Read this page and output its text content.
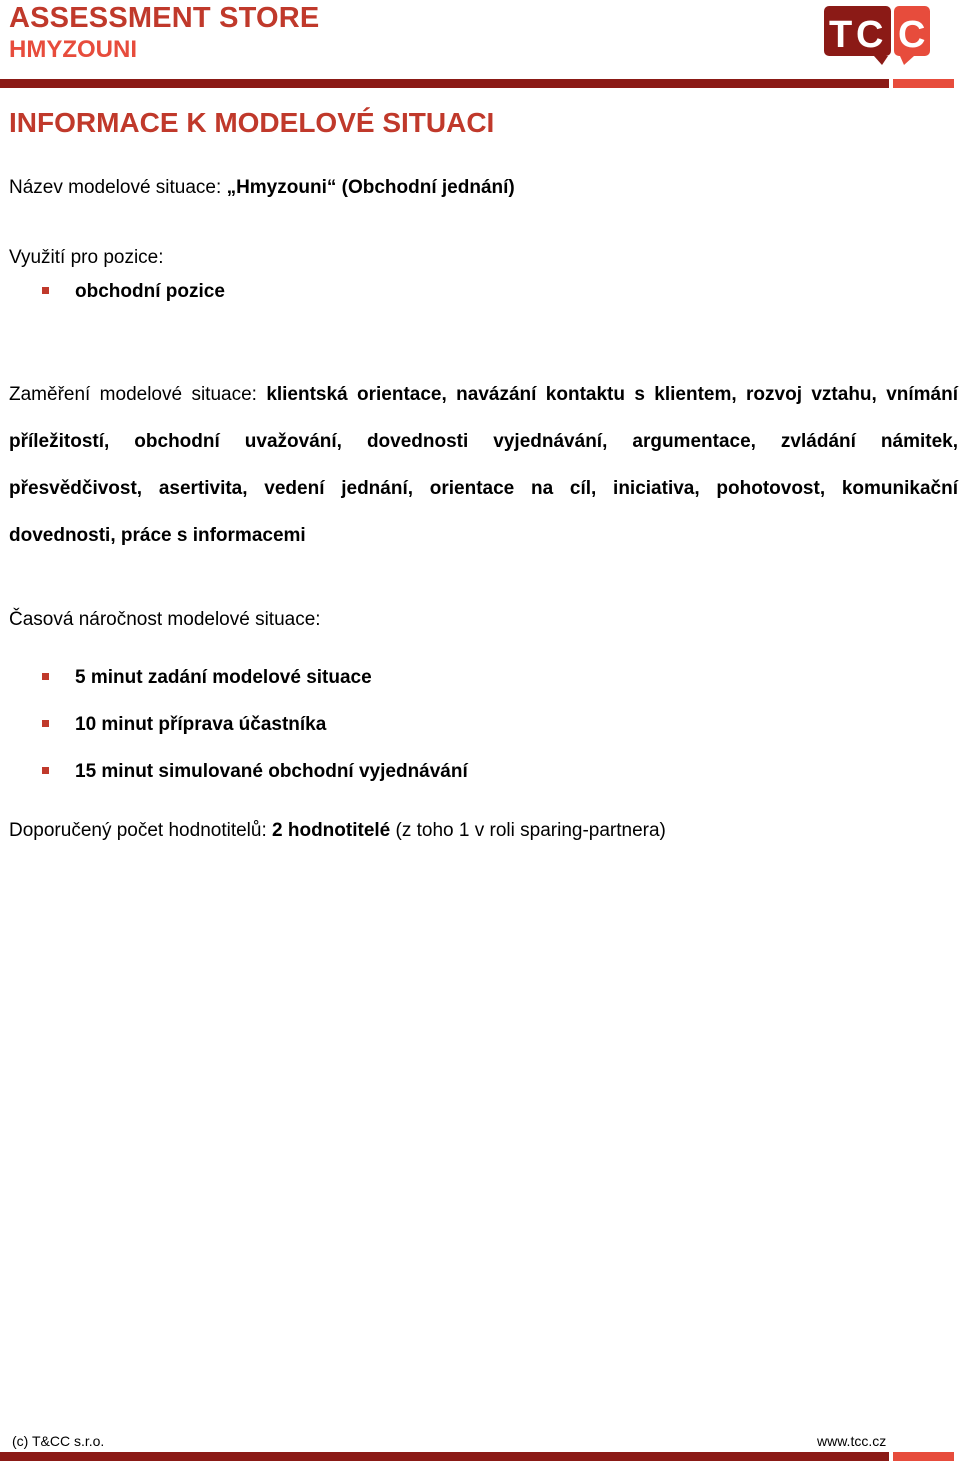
ASSESSMENT STORE
HMYZOUNI	T C C
INFORMACE K MODELOVÉ SITUACI
Název modelové situace: „Hmyzouni“ (Obchodní jednání)
Využití pro pozice:
obchodní pozice
Zaměření modelové situace: klientská orientace, navázání kontaktu s klientem, rozvoj vztahu, vnímání příležitostí, obchodní uvažování, dovednosti vyjednávání, argumentace, zvládání námitek, přesvědčivost, asertivita, vedení jednání, orientace na cíl, iniciativa, pohotovost, komunikační dovednosti, práce s informacemi
Časová náročnost modelové situace:
5 minut zadání modelové situace
10 minut příprava účastníka
15 minut simulované obchodní vyjednávání
Doporučený počet hodnotitelů: 2 hodnotitelé (z toho 1 v roli sparing-partnera)
(c) T&CC s.r.o.	www.tcc.cz
